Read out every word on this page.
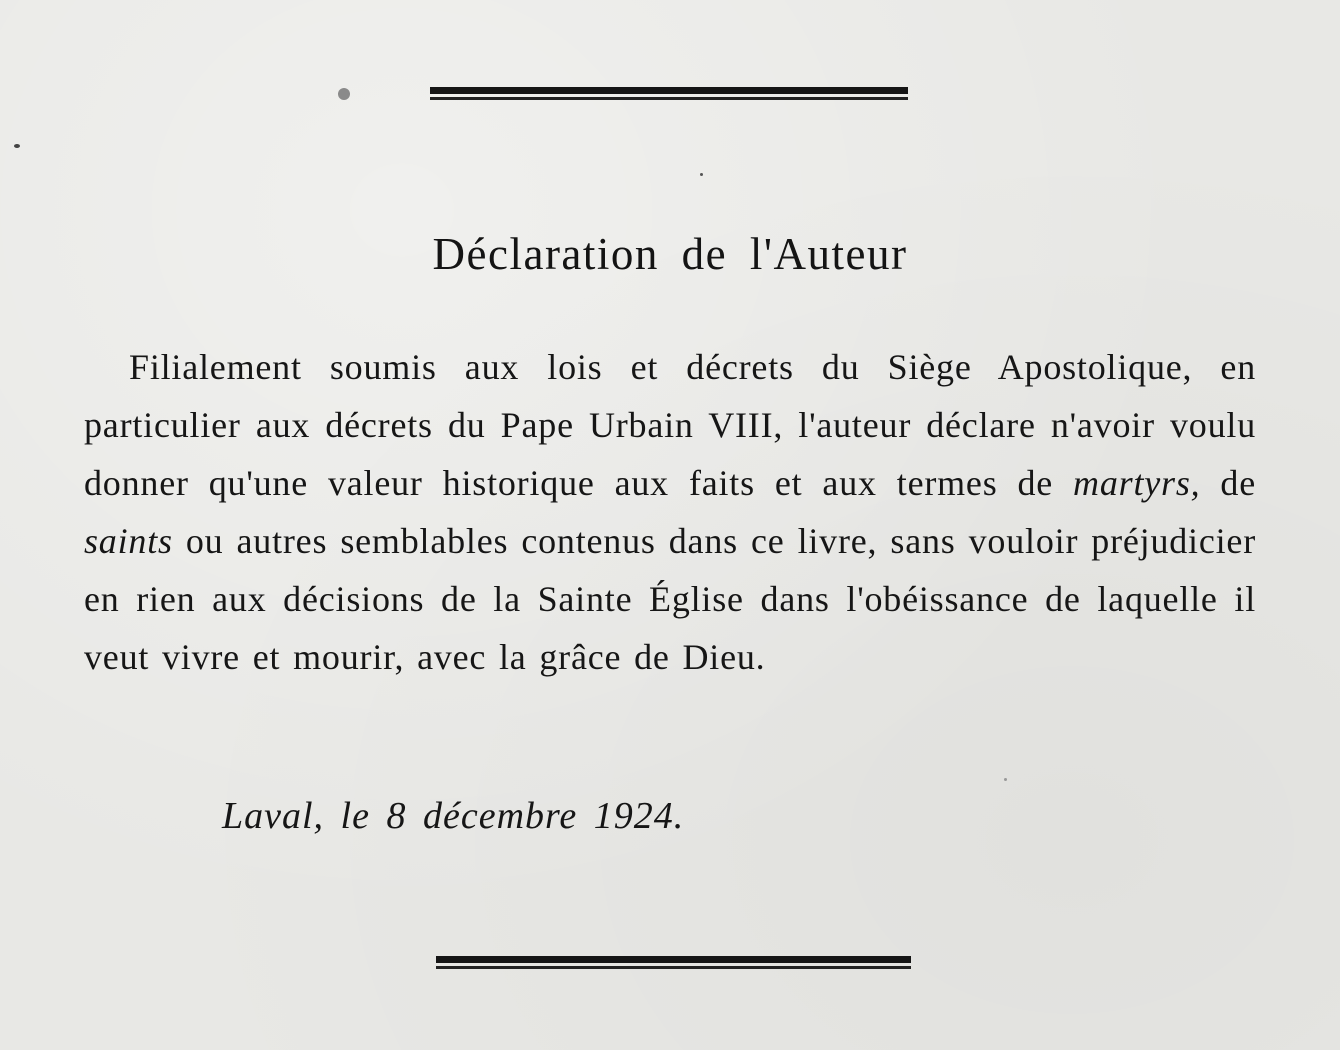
Déclaration de l'Auteur
Filialement soumis aux lois et décrets du Siège Apostolique, en particulier aux décrets du Pape Urbain VIII, l'auteur déclare n'avoir voulu donner qu'une valeur historique aux faits et aux termes de martyrs, de saints ou autres semblables contenus dans ce livre, sans vouloir préjudicier en rien aux décisions de la Sainte Église dans l'obéissance de laquelle il veut vivre et mourir, avec la grâce de Dieu.
Laval, le 8 décembre 1924.
